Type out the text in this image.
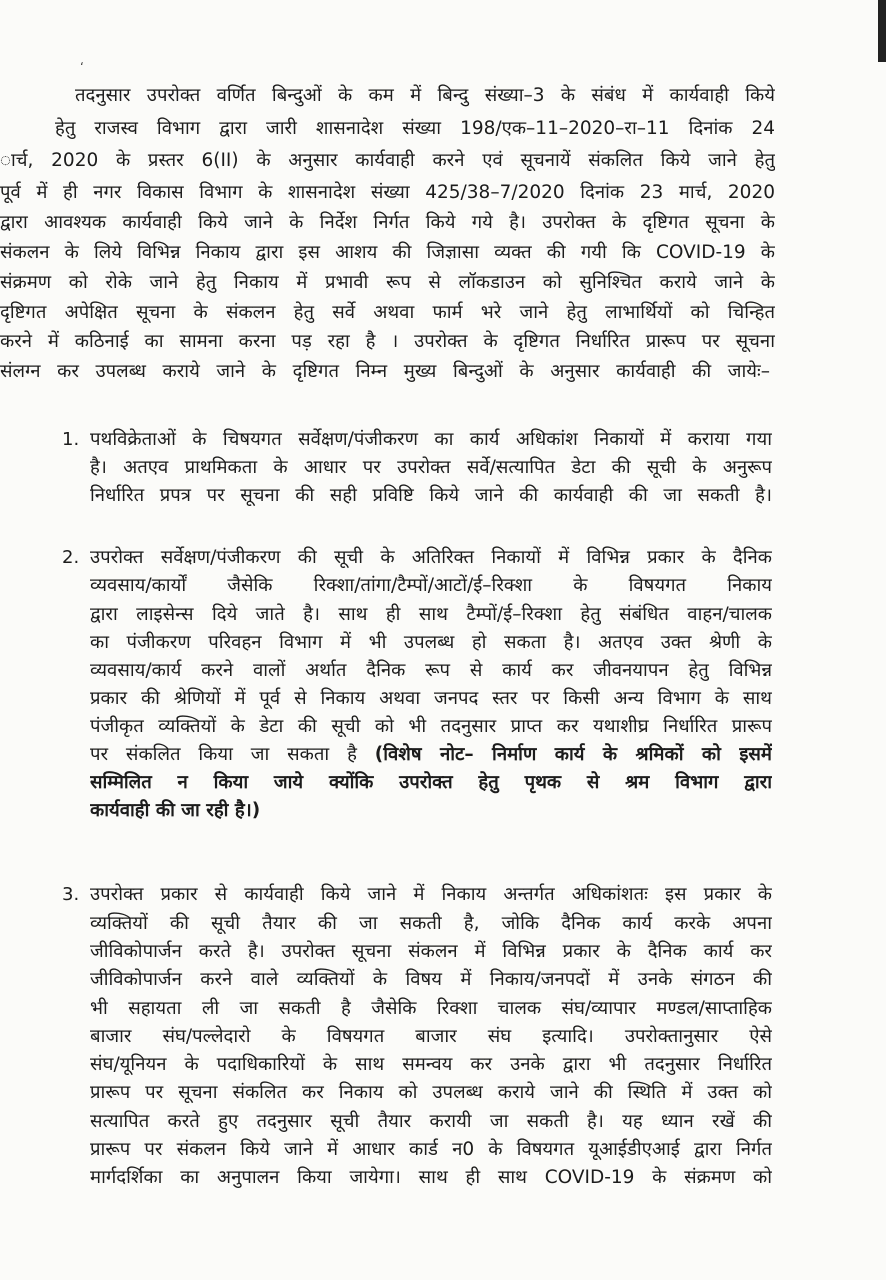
‘
तदनुसार उपरोक्त वर्णित बिन्दुओं के कम में बिन्दु संख्या–3 के संबंध में कार्यवाही किये
हेतु राजस्व विभाग द्वारा जारी शासनादेश संख्या 198/एक–11–2020–रा–11 दिनांक 24
ार्च, 2020 के प्रस्तर 6(II) के अनुसार कार्यवाही करने एवं सूचनायें संकलित किये जाने हेतु
पूर्व में ही नगर विकास विभाग के शासनादेश संख्या 425/38–7/2020 दिनांक 23 मार्च, 2020
द्वारा आवश्यक कार्यवाही किये जाने के निर्देश निर्गत किये गये है। उपरोक्त के दृष्टिगत सूचना के
संकलन के लिये विभिन्न निकाय द्वारा इस आशय की जिज्ञासा व्यक्त की गयी कि COVID-19 के
संक्रमण को रोके जाने हेतु निकाय में प्रभावी रूप से लॉकडाउन को सुनिश्चित कराये जाने के
दृष्टिगत अपेक्षित सूचना के संकलन हेतु सर्वे अथवा फार्म भरे जाने हेतु लाभार्थियों को चिन्हित
करने में कठिनाई का सामना करना पड़ रहा है । उपरोक्त के दृष्टिगत निर्धारित प्रारूप पर सूचना
संलग्न कर उपलब्ध कराये जाने के दृष्टिगत निम्न मुख्य बिन्दुओं के अनुसार कार्यवाही की जायेः–
1. पथविक्रेताओं के चिषयगत सर्वेक्षण/पंजीकरण का कार्य अधिकांश निकायों में कराया गया
है। अतएव प्राथमिकता के आधार पर उपरोक्त सर्वे/सत्यापित डेटा की सूची के अनुरूप
निर्धारित प्रपत्र पर सूचना की सही प्रविष्टि किये जाने की कार्यवाही की जा सकती है।
2. उपरोक्त सर्वेक्षण/पंजीकरण की सूची के अतिरिक्त निकायों में विभिन्न प्रकार के दैनिक
व्यवसाय/कार्यों जैसेकि रिक्शा/तांगा/टैम्पों/आटों/ई–रिक्शा के विषयगत निकाय
द्वारा लाइसेन्स दिये जाते है। साथ ही साथ टैम्पों/ई–रिक्शा हेतु संबंधित वाहन/चालक
का पंजीकरण परिवहन विभाग में भी उपलब्ध हो सकता है। अतएव उक्त श्रेणी के
व्यवसाय/कार्य करने वालों अर्थात दैनिक रूप से कार्य कर जीवनयापन हेतु विभिन्न
प्रकार की श्रेणियों में पूर्व से निकाय अथवा जनपद स्तर पर किसी अन्य विभाग के साथ
पंजीकृत व्यक्तियों के डेटा की सूची को भी तदनुसार प्राप्त कर यथाशीघ्र निर्धारित प्रारूप
पर संकलित किया जा सकता है (विशेष नोट– निर्माण कार्य के श्रमिकों को इसमें
सम्मिलित न किया जाये क्योंकि उपरोक्त हेतु पृथक से श्रम विभाग द्वारा
कार्यवाही की जा रही है।)
3. उपरोक्त प्रकार से कार्यवाही किये जाने में निकाय अन्तर्गत अधिकांशतः इस प्रकार के
व्यक्तियों की सूची तैयार की जा सकती है, जोकि दैनिक कार्य करके अपना
जीविकोपार्जन करते है। उपरोक्त सूचना संकलन में विभिन्न प्रकार के दैनिक कार्य कर
जीविकोपार्जन करने वाले व्यक्तियों के विषय में निकाय/जनपदों में उनके संगठन की
भी सहायता ली जा सकती है जैसेकि रिक्शा चालक संघ/व्यापार मण्डल/साप्ताहिक
बाजार संघ/पल्लेदारो के विषयगत बाजार संघ इत्यादि। उपरोक्तानुसार ऐसे
संघ/यूनियन के पदाधिकारियों के साथ समन्वय कर उनके द्वारा भी तदनुसार निर्धारित
प्रारूप पर सूचना संकलित कर निकाय को उपलब्ध कराये जाने की स्थिति में उक्त को
सत्यापित करते हुए तदनुसार सूची तैयार करायी जा सकती है। यह ध्यान रखें की
प्रारूप पर संकलन किये जाने में आधार कार्ड न0 के विषयगत यूआईडीएआई द्वारा निर्गत
मार्गदर्शिका का अनुपालन किया जायेगा। साथ ही साथ COVID-19 के संक्रमण को
